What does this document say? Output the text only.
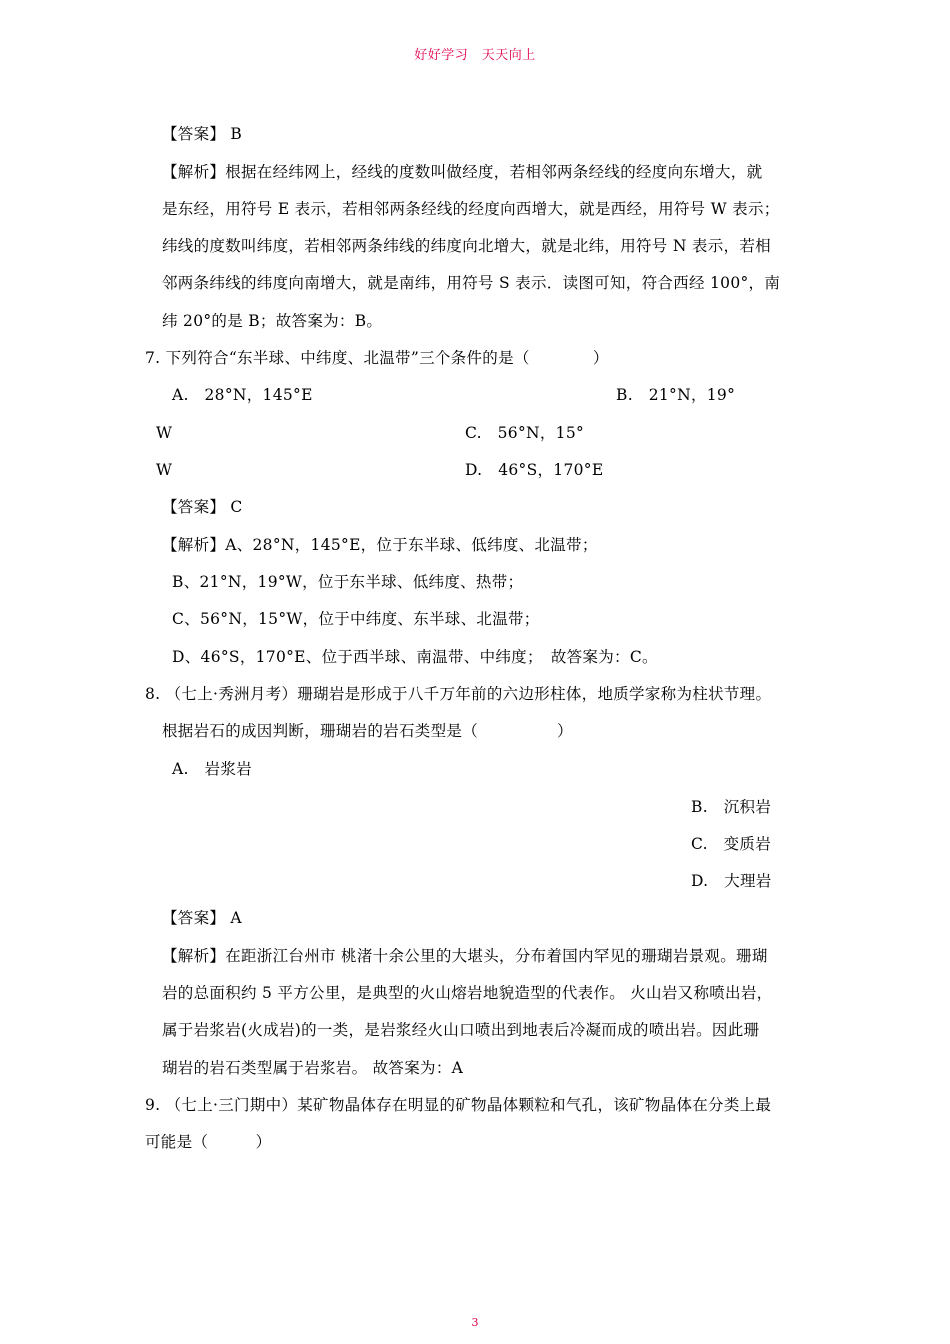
好好学习　天天向上
【答案】 B
【解析】根据在经纬网上，经线的度数叫做经度，若相邻两条经线的经度向东增大，就
是东经，用符号 E 表示，若相邻两条经线的经度向西增大，就是西经，用符号 W 表示；
纬线的度数叫纬度，若相邻两条纬线的纬度向北增大，就是北纬，用符号 N 表示，若相
邻两条纬线的纬度向南增大，就是南纬，用符号 S 表示．读图可知，符合西经 100°，南
纬 20°的是 B；故答案为：B。
7. 下列符合“东半球、中纬度、北温带”三个条件的是（　　　　）
A.　28°N，145°E	B.　21°N，19°
W	C.　56°N，15°
W	D.　46°S，170°E
【答案】 C
【解析】A、28°N，145°E，位于东半球、低纬度、北温带；
B、21°N，19°W，位于东半球、低纬度、热带；
C、56°N，15°W，位于中纬度、东半球、北温带；
D、46°S，170°E、位于西半球、南温带、中纬度；　故答案为：C。
8. （七上·秀洲月考）珊瑚岩是形成于八千万年前的六边形柱体，地质学家称为柱状节理。
根据岩石的成因判断，珊瑚岩的岩石类型是（　　　　　）
A.　岩浆岩
B.　沉积岩
C.　变质岩
D.　大理岩
【答案】 A
【解析】在距浙江台州市 桃渚十余公里的大堪头，分布着国内罕见的珊瑚岩景观。珊瑚
岩的总面积约 5 平方公里，是典型的火山熔岩地貌造型的代表作。 火山岩又称喷出岩，
属于岩浆岩(火成岩)的一类，是岩浆经火山口喷出到地表后冷凝而成的喷出岩。因此珊
瑚岩的岩石类型属于岩浆岩。 故答案为：A
9. （七上·三门期中）某矿物晶体存在明显的矿物晶体颗粒和气孔，该矿物晶体在分类上最
可能是（　　　）
3
